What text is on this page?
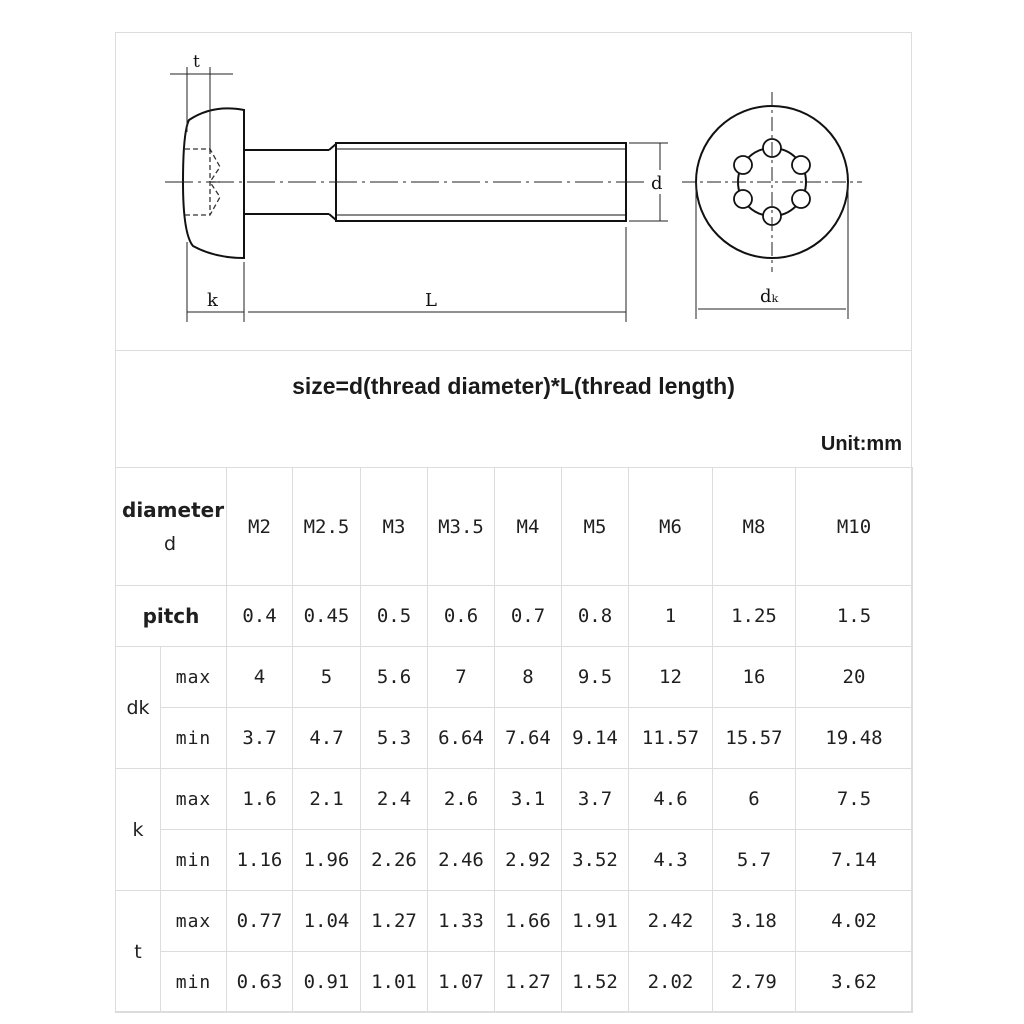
t
k	L
d
dₖ
size=d(thread diameter)*L(thread length)
Unit:mm
diameter
d		M2	M2.5	M3	M3.5	M4	M5	M6	M8	M10
pitch		0.4	0.45	0.5	0.6	0.7	0.8	1	1.25	1.5
dk	max	4	5	5.6	7	8	9.5	12	16	20
	min	3.7	4.7	5.3	6.64	7.64	9.14	11.57	15.57	19.48
k	max	1.6	2.1	2.4	2.6	3.1	3.7	4.6	6	7.5
	min	1.16	1.96	2.26	2.46	2.92	3.52	4.3	5.7	7.14
t	max	0.77	1.04	1.27	1.33	1.66	1.91	2.42	3.18	4.02
	min	0.63	0.91	1.01	1.07	1.27	1.52	2.02	2.79	3.62
